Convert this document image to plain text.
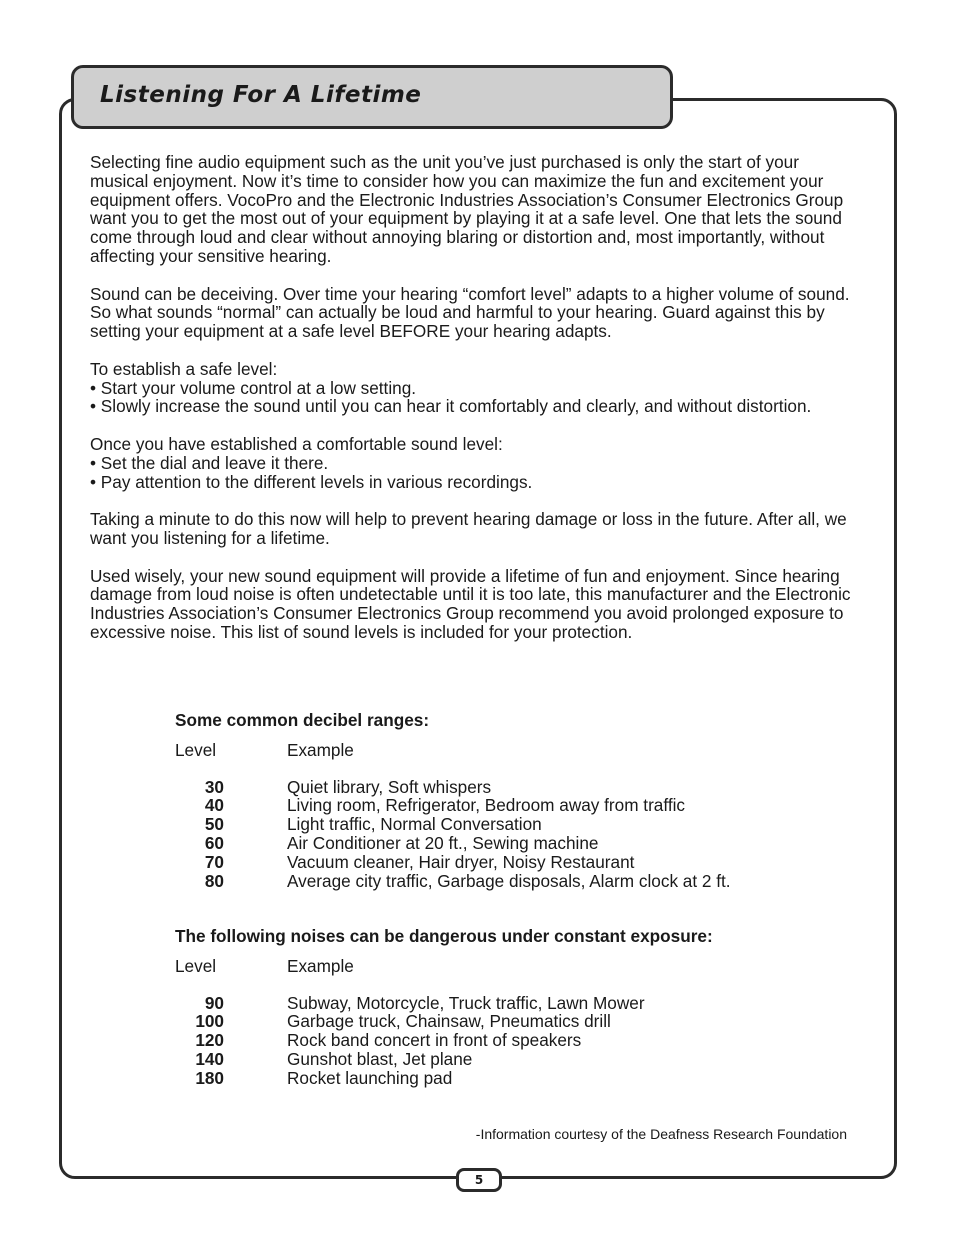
Listening For A Lifetime

Selecting fine audio equipment such as the unit you’ve just purchased is only the start of your musical enjoyment. Now it’s time to consider how you can maximize the fun and excitement your equipment offers. VocoPro and the Electronic Industries Association’s Consumer Electronics Group want you to get the most out of your equipment by playing it at a safe level. One that lets the sound come through loud and clear without annoying blaring or distortion and, most importantly, without affecting your sensitive hearing.

Sound can be deceiving. Over time your hearing “comfort level” adapts to a higher volume of sound. So what sounds “normal” can actually be loud and harmful to your hearing. Guard against this by setting your equipment at a safe level BEFORE your hearing adapts.

To establish a safe level:
• Start your volume control at a low setting.
• Slowly increase the sound until you can hear it comfortably and clearly, and without distortion.
Once you have established a comfortable sound level:
• Set the dial and leave it there.
• Pay attention to the different levels in various recordings.

Taking a minute to do this now will help to prevent hearing damage or loss in the future. After all, we want you listening for a lifetime.

Used wisely, your new sound equipment will provide a lifetime of fun and enjoyment. Since hearing damage from loud noise is often undetectable until it is too late, this manufacturer and the Electronic Industries Association’s Consumer Electronics Group recommend you avoid prolonged exposure to excessive noise. This list of sound levels is included for your protection.

Some common decibel ranges:
Level	Example
30	Quiet library, Soft whispers
40	Living room, Refrigerator, Bedroom away from traffic
50	Light traffic, Normal Conversation
60	Air Conditioner at 20 ft., Sewing machine
70	Vacuum cleaner, Hair dryer, Noisy Restaurant
80	Average city traffic, Garbage disposals, Alarm clock at 2 ft.
The following noises can be dangerous under constant exposure:
Level	Example
90	Subway, Motorcycle, Truck traffic, Lawn Mower
100	Garbage truck, Chainsaw, Pneumatics drill
120	Rock band concert in front of speakers
140	Gunshot blast, Jet plane
180	Rocket launching pad
-Information courtesy of the Deafness Research Foundation
5
